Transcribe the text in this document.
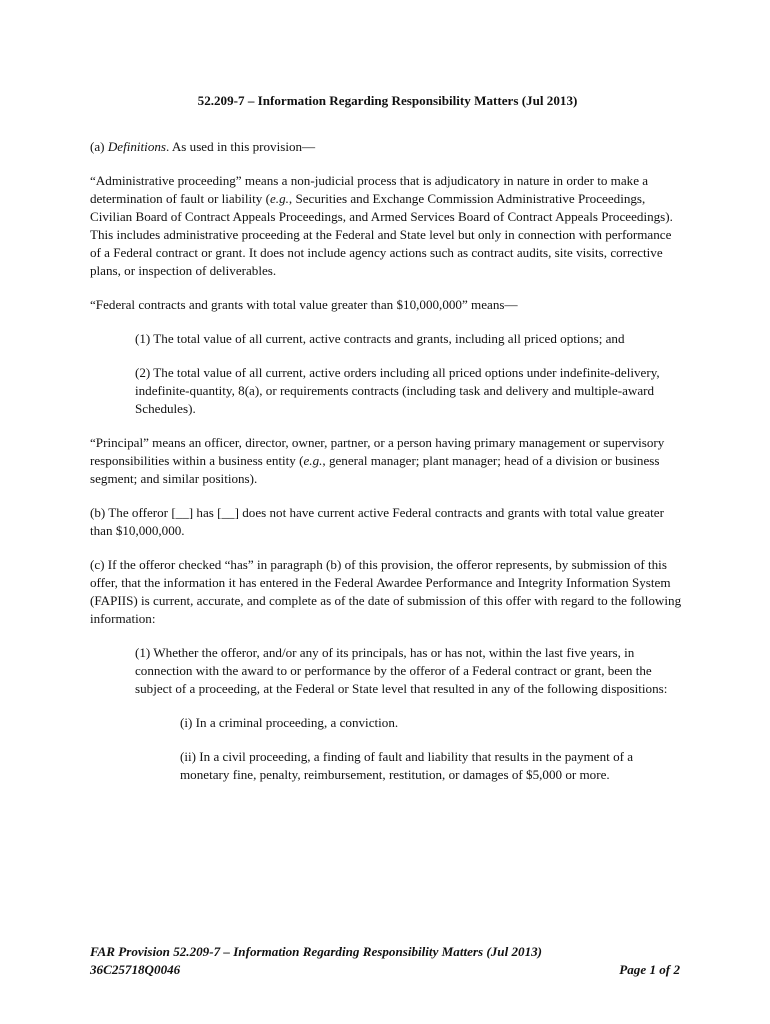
52.209-7 – Information Regarding Responsibility Matters (Jul 2013)

(a) Definitions. As used in this provision—

“Administrative proceeding” means a non-judicial process that is adjudicatory in nature in order to make a determination of fault or liability (e.g., Securities and Exchange Commission Administrative Proceedings, Civilian Board of Contract Appeals Proceedings, and Armed Services Board of Contract Appeals Proceedings). This includes administrative proceeding at the Federal and State level but only in connection with performance of a Federal contract or grant. It does not include agency actions such as contract audits, site visits, corrective plans, or inspection of deliverables.

“Federal contracts and grants with total value greater than $10,000,000” means—

(1) The total value of all current, active contracts and grants, including all priced options; and

(2) The total value of all current, active orders including all priced options under indefinite-delivery, indefinite-quantity, 8(a), or requirements contracts (including task and delivery and multiple-award Schedules).

“Principal” means an officer, director, owner, partner, or a person having primary management or supervisory responsibilities within a business entity (e.g., general manager; plant manager; head of a division or business segment; and similar positions).

(b) The offeror [__] has [__] does not have current active Federal contracts and grants with total value greater than $10,000,000.

(c) If the offeror checked “has” in paragraph (b) of this provision, the offeror represents, by submission of this offer, that the information it has entered in the Federal Awardee Performance and Integrity Information System (FAPIIS) is current, accurate, and complete as of the date of submission of this offer with regard to the following information:

(1) Whether the offeror, and/or any of its principals, has or has not, within the last five years, in connection with the award to or performance by the offeror of a Federal contract or grant, been the subject of a proceeding, at the Federal or State level that resulted in any of the following dispositions:

(i) In a criminal proceeding, a conviction.

(ii) In a civil proceeding, a finding of fault and liability that results in the payment of a monetary fine, penalty, reimbursement, restitution, or damages of $5,000 or more.

FAR Provision 52.209-7 – Information Regarding Responsibility Matters (Jul 2013)
36C25718Q0046	Page 1 of 2
